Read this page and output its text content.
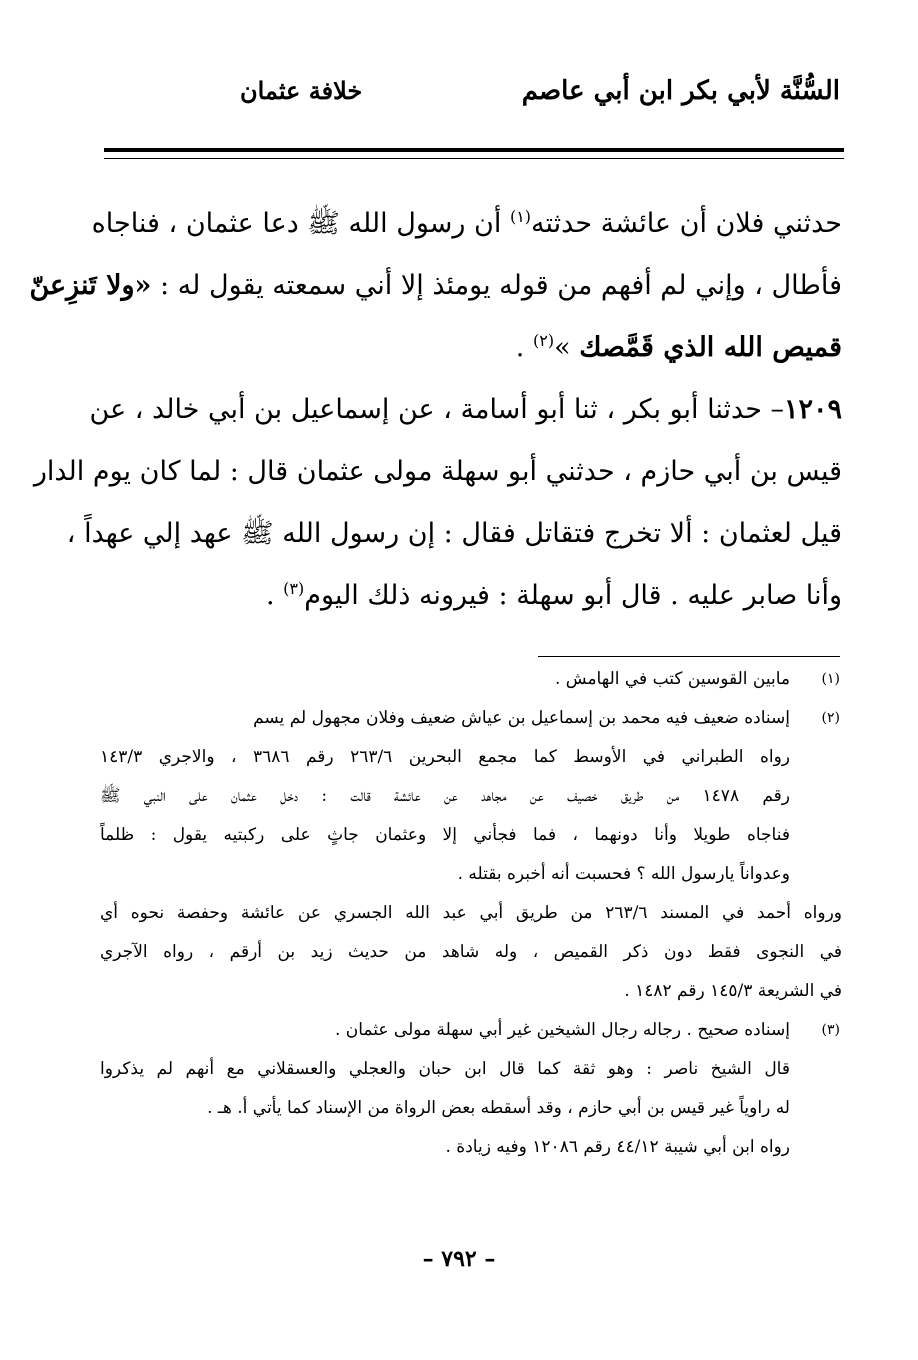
السُّنَّة لأبي بكر ابن أبي عاصم
خلافة عثمان
حدثني فلان أن عائشة حدثته$^{(١)}$ أن رسول الله ﷺ دعا عثمان ، فناجاه
فأطال ، وإني لم أفهم من قوله يومئذ إلا أني سمعته يقول له : «ولا تَنزِعنّ
قميص الله الذي قَمَّصك »$^{(٢)}$ .
١٢٠٩– حدثنا أبو بكر ، ثنا أبو أسامة ، عن إسماعيل بن أبي خالد ، عن
قيس بن أبي حازم ، حدثني أبو سهلة مولى عثمان قال : لما كان يوم الدار
قيل لعثمان : ألا تخرج فتقاتل فقال : إن رسول الله ﷺ عهد إلي عهداً ،
وأنا صابر عليه . قال أبو سهلة : فيرونه ذلك اليوم$^{(٣)}$ .
(١)
مابين القوسين كتب في الهامش .
(٢)
إسناده ضعيف فيه محمد بن إسماعيل بن عياش ضعيف وفلان مجهول لم يسم
رواه الطبراني في الأوسط كما مجمع البحرين ٢٦٣/٦ رقم ٣٦٨٦ ، والاجري ١٤٣/٣
رقم ١٤٧٨ من طريق خصيف عن مجاهد عن عائشة قالت : دخل عثمان على النبي ﷺ
فناجاه طويلا وأنا دونهما ، فما فجأني إلا وعثمان جاثٍ على ركبتيه يقول : ظلماً
وعدواناً يارسول الله ؟ فحسبت أنه أخبره بقتله .
ورواه أحمد في المسند ٢٦٣/٦ من طريق أبي عبد الله الجسري عن عائشة وحفصة نحوه أي
في النجوى فقط دون ذكر القميص ، وله شاهد من حديث زيد بن أرقم ، رواه الآجري
في الشريعة ١٤٥/٣ رقم ١٤٨٢ .
(٣)
إسناده صحيح . رجاله رجال الشيخين غير أبي سهلة مولى عثمان .
قال الشيخ ناصر : وهو ثقة كما قال ابن حبان والعجلي والعسقلاني مع أنهم لم يذكروا
له راوياً غير قيس بن أبي حازم ، وقد أسقطه بعض الرواة من الإسناد كما يأتي أ. هـ .
رواه ابن أبي شيبة ٤٤/١٢ رقم ١٢٠٨٦ وفيه زيادة .
– ٧٩٢ –
